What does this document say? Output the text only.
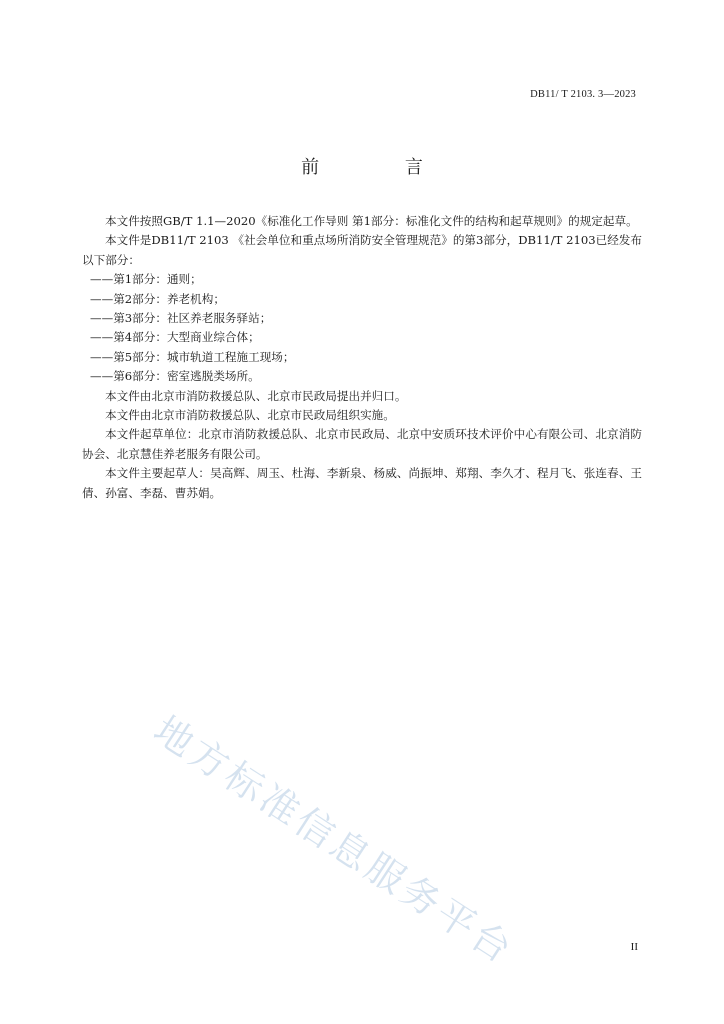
DB11/ T 2103. 3—2023
前 言

本文件按照GB/T 1.1—2020《标准化工作导则 第1部分：标准化文件的结构和起草规则》的规定起草。

本文件是DB11/T 2103 《社会单位和重点场所消防安全管理规范》的第3部分，DB11/T 2103已经发布以下部分：

——第1部分：通则；

——第2部分：养老机构；

——第3部分：社区养老服务驿站；

——第4部分：大型商业综合体；

——第5部分：城市轨道工程施工现场；

——第6部分：密室逃脱类场所。

本文件由北京市消防救援总队、北京市民政局提出并归口。

本文件由北京市消防救援总队、北京市民政局组织实施。

本文件起草单位：北京市消防救援总队、北京市民政局、北京中安质环技术评价中心有限公司、北京消防协会、北京慧佳养老服务有限公司。

本文件主要起草人：吴高辉、周玉、杜海、李新泉、杨威、尚振坤、郑翔、李久才、程月飞、张连春、王倩、孙富、李磊、曹苏娟。

地方标准信息服务平台	II
